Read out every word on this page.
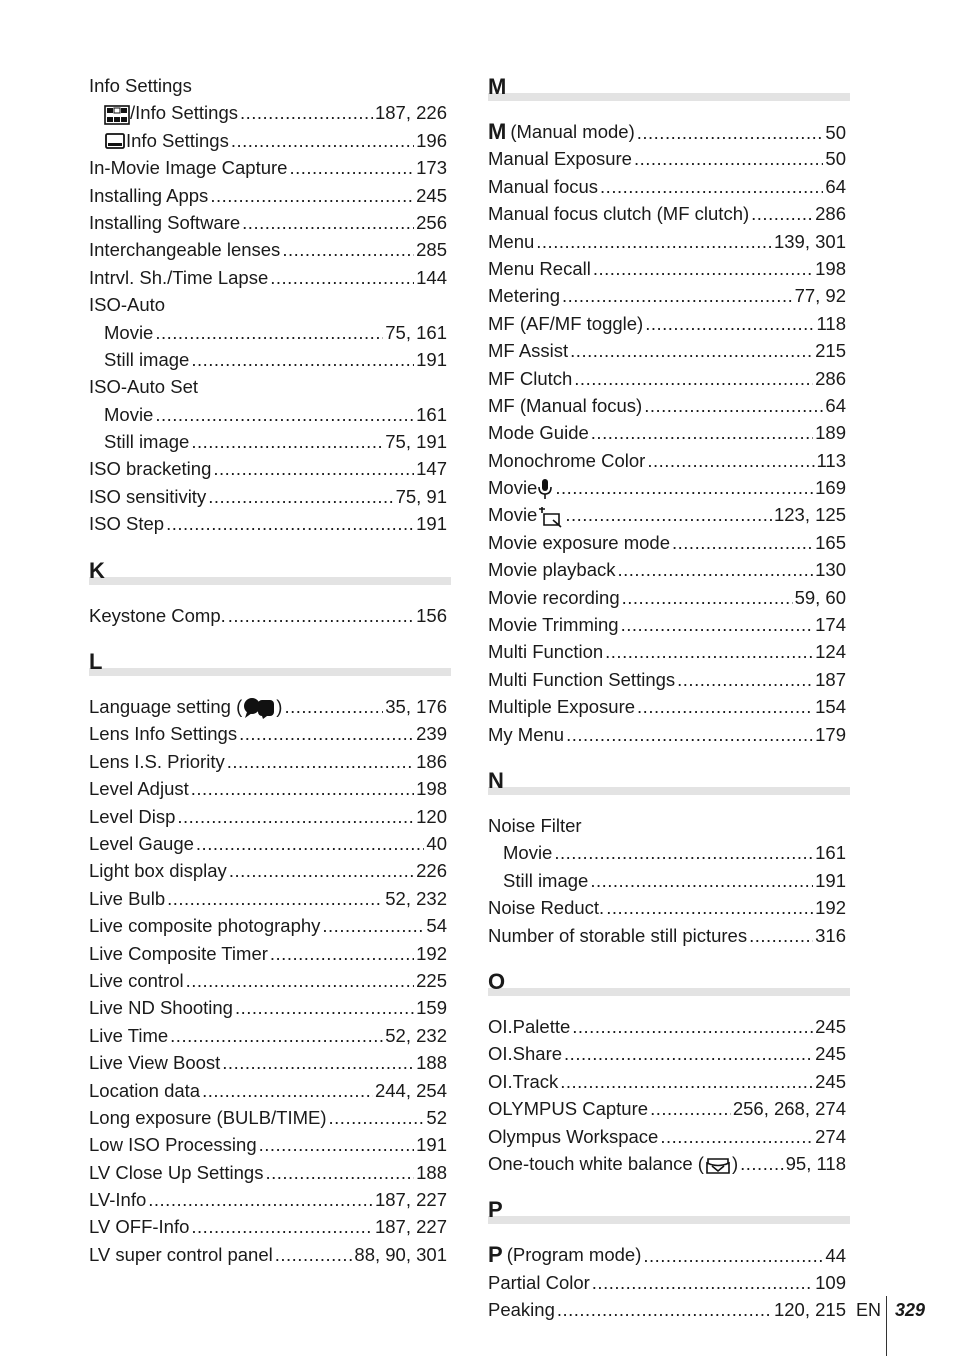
Info Settings
/Info Settings .....	187, 226
Info Settings .....	196
In-Movie Image Capture .....	173
Installing Apps .....	245
Installing Software .....	256
Interchangeable lenses .....	285
Intrvl. Sh./Time Lapse .....	144
ISO-Auto
Movie .....	75, 161
Still image .....	191
ISO-Auto Set
Movie .....	161
Still image .....	75, 191
ISO bracketing .....	147
ISO sensitivity .....	75, 91
ISO Step .....	191
K
Keystone Comp. .....	156
L
Language setting ( ) .....	35, 176
Lens Info Settings .....	239
Lens I.S. Priority .....	186
Level Adjust .....	198
Level Disp .....	120
Level Gauge .....	40
Light box display .....	226
Live Bulb .....	52, 232
Live composite photography .....	54
Live Composite Timer .....	192
Live control .....	225
Live ND Shooting .....	159
Live Time .....	52, 232
Live View Boost .....	188
Location data .....	244, 254
Long exposure (BULB/TIME) .....	52
Low ISO Processing .....	191
LV Close Up Settings .....	188
LV-Info .....	187, 227
LV OFF-Info .....	187, 227
LV super control panel .....	88, 90, 301
M
M (Manual mode) .....	50
Manual Exposure .....	50
Manual focus .....	64
Manual focus clutch (MF clutch) .....	286
Menu .....	139, 301
Menu Recall .....	198
Metering .....	77, 92
MF (AF/MF toggle) .....	118
MF Assist .....	215
MF Clutch .....	286
MF (Manual focus) .....	64
Mode Guide .....	189
Monochrome Color .....	113
Movie .....	169
Movie .....	123, 125
Movie exposure mode .....	165
Movie playback .....	130
Movie recording .....	59, 60
Movie Trimming .....	174
Multi Function .....	124
Multi Function Settings .....	187
Multiple Exposure .....	154
My Menu .....	179
N
Noise Filter
Movie .....	161
Still image .....	191
Noise Reduct. .....	192
Number of storable still pictures .....	316
O
OI.Palette .....	245
OI.Share .....	245
OI.Track .....	245
OLYMPUS Capture .....	256, 268, 274
Olympus Workspace .....	274
One-touch white balance ( ) .....	95, 118
P
P (Program mode) .....	44
Partial Color .....	109
Peaking .....	120, 215 EN 329
